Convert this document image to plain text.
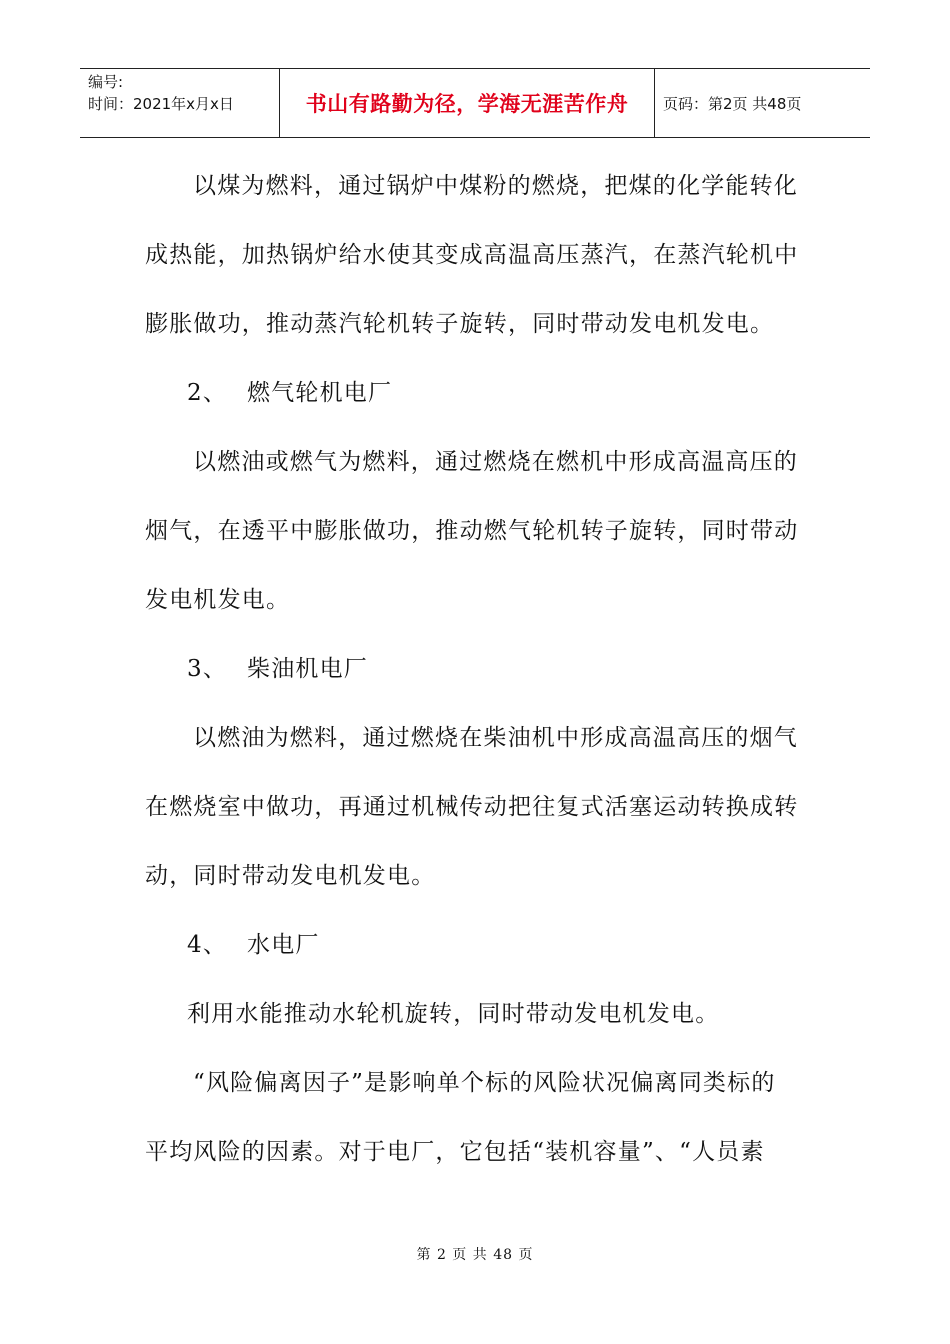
编号:
时间：2021年x月x日	书山有路勤为径，学海无涯苦作舟 页码：第2页 共48页
以煤为燃料，通过锅炉中煤粉的燃烧，把煤的化学能转化
成热能，加热锅炉给水使其变成高温高压蒸汽，在蒸汽轮机中
膨胀做功，推动蒸汽轮机转子旋转，同时带动发电机发电。
2、 燃气轮机电厂
以燃油或燃气为燃料，通过燃烧在燃机中形成高温高压的
烟气，在透平中膨胀做功，推动燃气轮机转子旋转，同时带动
发电机发电。
3、 柴油机电厂
以燃油为燃料，通过燃烧在柴油机中形成高温高压的烟气
在燃烧室中做功，再通过机械传动把往复式活塞运动转换成转
动，同时带动发电机发电。
4、 水电厂
利用水能推动水轮机旋转，同时带动发电机发电。
“风险偏离因子”是影响单个标的风险状况偏离同类标的
平均风险的因素。对于电厂，它包括“装机容量”、“人员素
第 2 页 共 48 页
